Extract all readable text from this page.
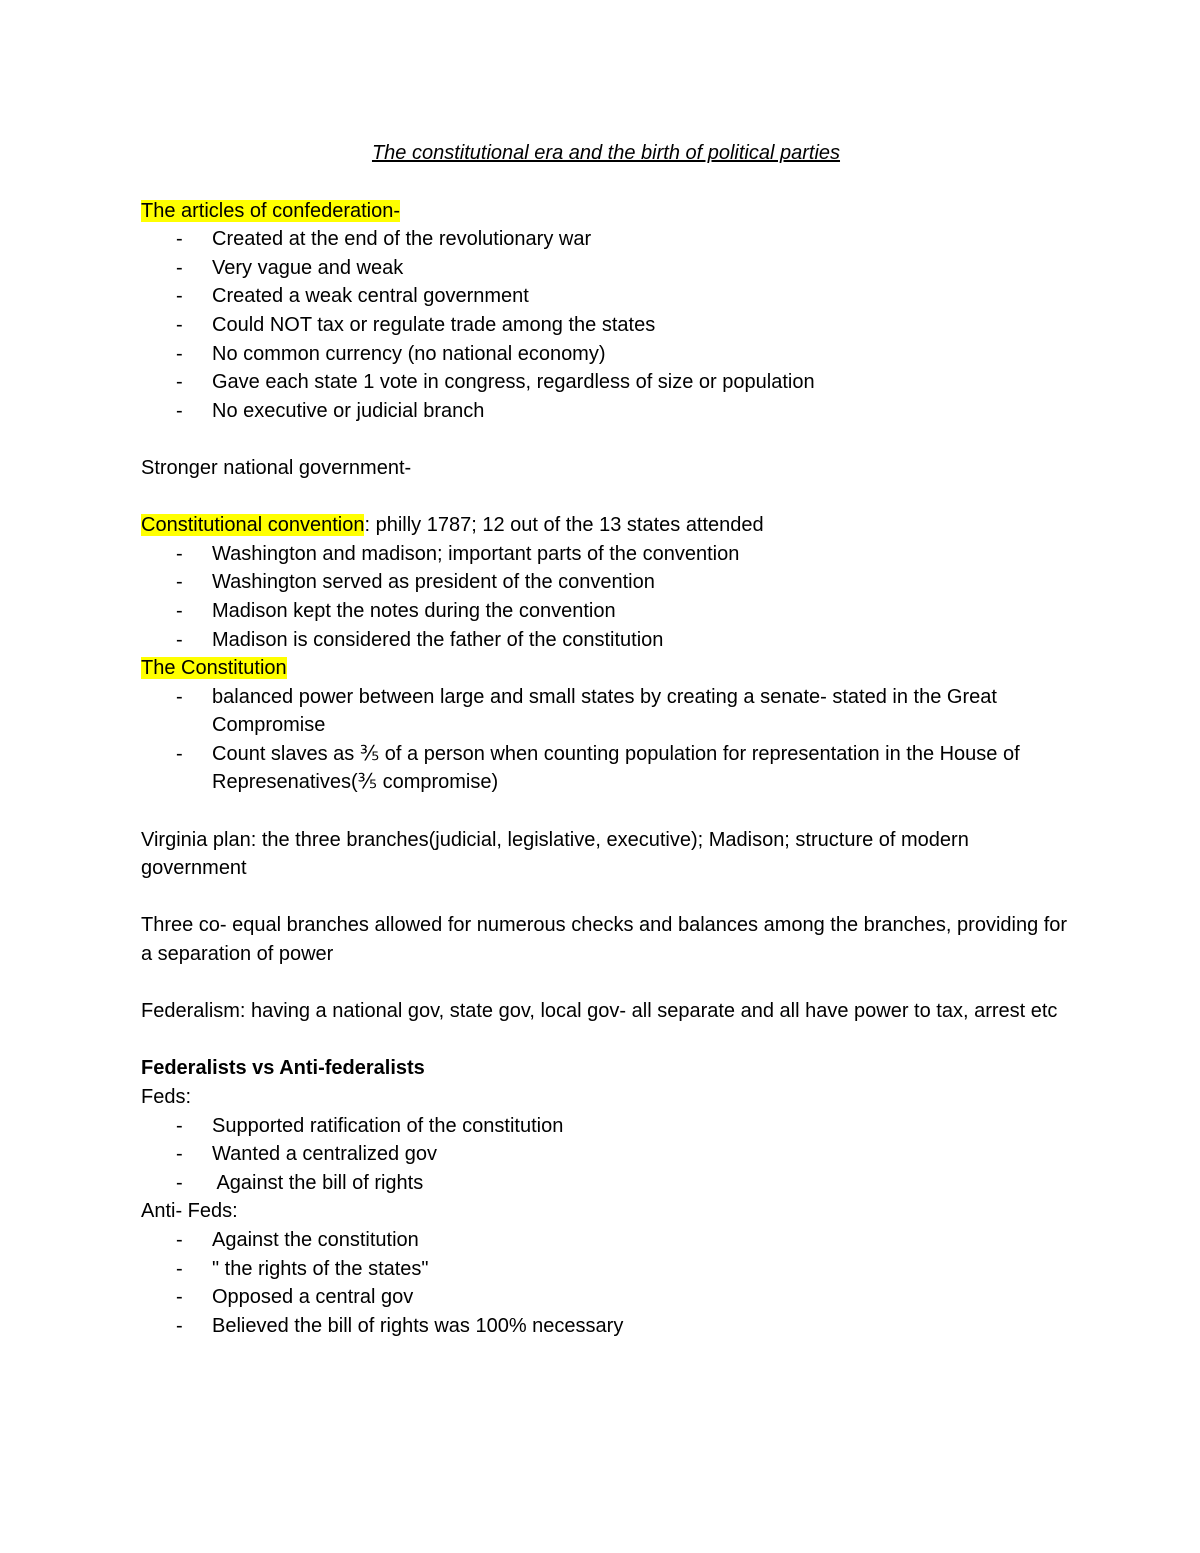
The constitutional era and the birth of political parties

The articles of confederation-

- Created at the end of the revolutionary war
- Very vague and weak
- Created a weak central government
- Could NOT tax or regulate trade among the states
- No common currency (no national economy)
- Gave each state 1 vote in congress, regardless of size or population
- No executive or judicial branch

Stronger national government-

Constitutional convention: philly 1787; 12 out of the 13 states attended

- Washington and madison; important parts of the convention
- Washington served as president of the convention
- Madison kept the notes during the convention
- Madison is considered the father of the constitution

The Constitution

- balanced power between large and small states by creating a senate- stated in the Great Compromise
- Count slaves as ⅗ of a person when counting population for representation in the House of Represenatives(⅗ compromise)

Virginia plan: the three branches(judicial, legislative, executive); Madison; structure of modern government

Three co- equal branches allowed for numerous checks and balances among the branches, providing for a separation of power

Federalism: having a national gov, state gov, local gov- all separate and all have power to tax, arrest etc

Federalists vs Anti-federalists

Feds:

- Supported ratification of the constitution
- Wanted a centralized gov
- Against the bill of rights

Anti- Feds:

- Against the constitution
- " the rights of the states"
- Opposed a central gov
- Believed the bill of rights was 100% necessary
